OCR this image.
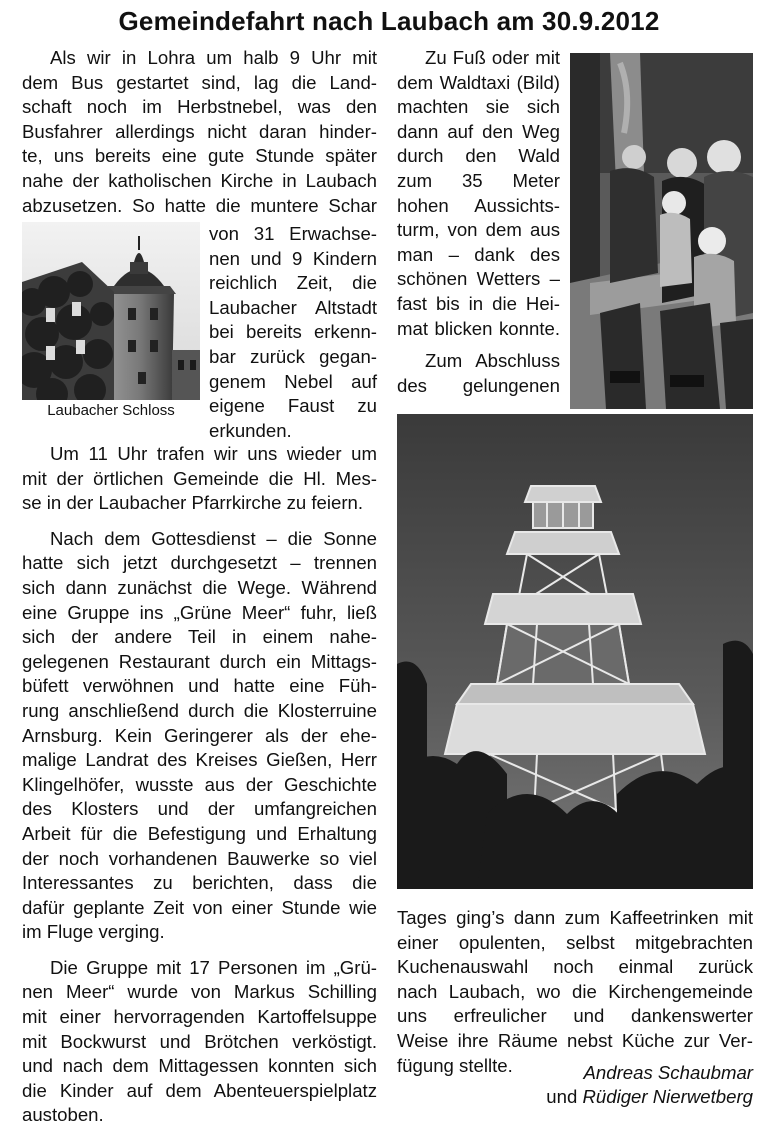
Gemeindefahrt nach Laubach am 30.9.2012
Als wir in Lohra um halb 9 Uhr mit
dem Bus gestartet sind, lag die Land-
schaft noch im Herbstnebel, was den
Busfahrer allerdings nicht daran hinder-
te, uns bereits eine gute Stunde später
nahe der katholischen Kirche in Laubach
abzusetzen. So hatte die muntere Schar
von 31 Erwachse-
nen und 9 Kindern
reichlich Zeit, die
Laubacher Altstadt
bei bereits erkenn-
bar zurück gegan-
genem Nebel auf
eigene Faust zu
erkunden.
Laubacher Schloss
Um 11 Uhr trafen wir uns wieder um
mit der örtlichen Gemeinde die Hl. Mes-
se in der Laubacher Pfarrkirche zu feiern.
Nach dem Gottesdienst – die Sonne
hatte sich jetzt durchgesetzt – trennen
sich dann zunächst die Wege. Während
eine Gruppe ins „Grüne Meer“ fuhr, ließ
sich der andere Teil in einem nahe-
gelegenen Restaurant durch ein Mittags-
büfett verwöhnen und hatte eine Füh-
rung anschließend durch die Klosterruine
Arnsburg. Kein Geringerer als der ehe-
malige Landrat des Kreises Gießen, Herr
Klingelhöfer, wusste aus der Geschichte
des Klosters und der umfangreichen
Arbeit für die Befestigung und Erhaltung
der noch vorhandenen Bauwerke so viel
Interessantes zu berichten, dass die
dafür geplante Zeit von einer Stunde wie
im Fluge verging.
Die Gruppe mit 17 Personen im „Grü-
nen Meer“ wurde von Markus Schilling
mit einer hervorragenden Kartoffelsuppe
mit Bockwurst und Brötchen verköstigt.
und nach dem Mittagessen konnten sich
die Kinder auf dem Abenteuerspielplatz
austoben.
Zu Fuß oder mit
dem Waldtaxi (Bild)
machten sie sich
dann auf den Weg
durch den Wald
zum 35 Meter
hohen Aussichts-
turm, von dem aus
man – dank des
schönen Wetters –
fast bis in die Hei-
mat blicken konnte.
Zum Abschluss
des gelungenen
Tages ging’s dann zum Kaffeetrinken mit
einer opulenten, selbst mitgebrachten
Kuchenauswahl noch einmal zurück
nach Laubach, wo die Kirchengemeinde
uns erfreulicher und dankenswerter
Weise ihre Räume nebst Küche zur Ver-
fügung stellte.	Andreas Schaubmar
und Rüdiger Nierwetberg
